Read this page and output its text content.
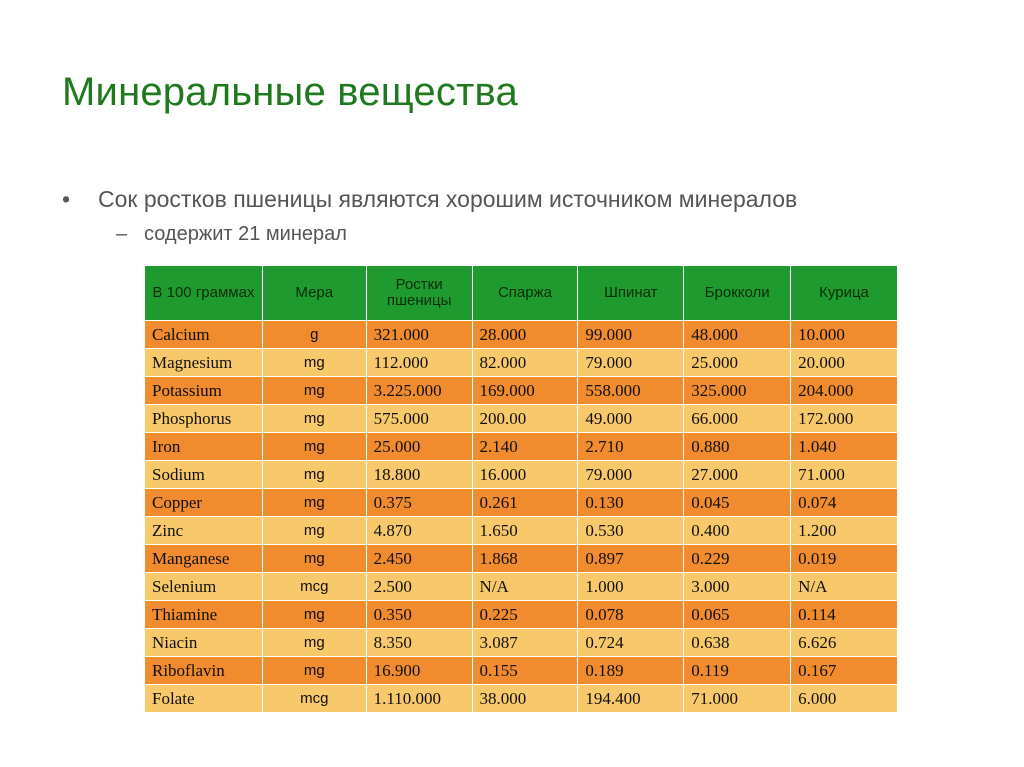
Минеральные вещества
• Сок ростков пшеницы являются хорошим источником минералов
– содержит 21 минерал
В 100 граммах	Мера	Ростки пшеницы	Спаржа	Шпинат	Брокколи	Курица
Calcium	g	321.000	28.000	99.000	48.000	10.000
Magnesium	mg	112.000	82.000	79.000	25.000	20.000
Potassium	mg	3.225.000	169.000	558.000	325.000	204.000
Phosphorus	mg	575.000	200.00	49.000	66.000	172.000
Iron	mg	25.000	2.140	2.710	0.880	1.040
Sodium	mg	18.800	16.000	79.000	27.000	71.000
Copper	mg	0.375	0.261	0.130	0.045	0.074
Zinc	mg	4.870	1.650	0.530	0.400	1.200
Manganese	mg	2.450	1.868	0.897	0.229	0.019
Selenium	mcg	2.500	N/A	1.000	3.000	N/A
Thiamine	mg	0.350	0.225	0.078	0.065	0.114
Niacin	mg	8.350	3.087	0.724	0.638	6.626
Riboflavin	mg	16.900	0.155	0.189	0.119	0.167
Folate	mcg	1.110.000	38.000	194.400	71.000	6.000
